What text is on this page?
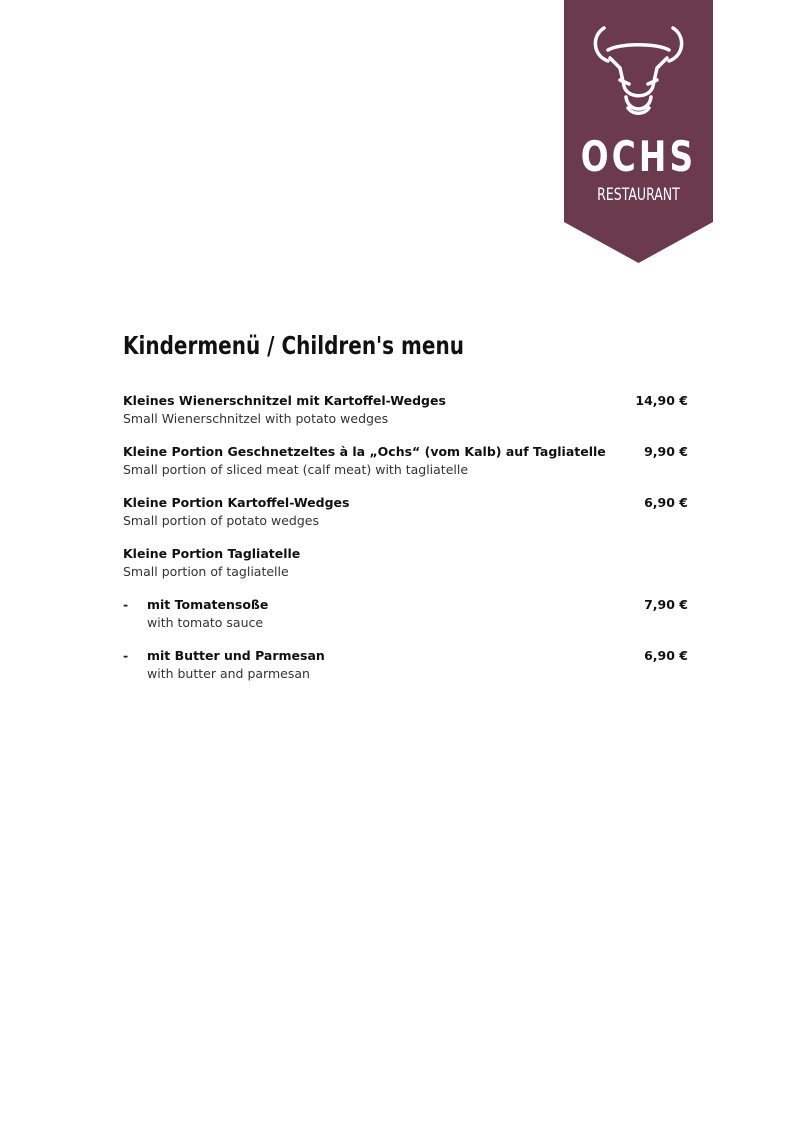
OCHS
RESTAURANT
Kindermenü / Children's menu
Kleines Wienerschnitzel mit Kartoffel-Wedges
Small Wienerschnitzel with potato wedges
14,90 €
Kleine Portion Geschnetzeltes à la „Ochs“ (vom Kalb) auf Tagliatelle
Small portion of sliced meat (calf meat) with tagliatelle
9,90 €
Kleine Portion Kartoffel-Wedges
Small portion of potato wedges
6,90 €
Kleine Portion Tagliatelle
Small portion of tagliatelle
- mit Tomatensoße
with tomato sauce
7,90 €
- mit Butter und Parmesan
with butter and parmesan
6,90 €
